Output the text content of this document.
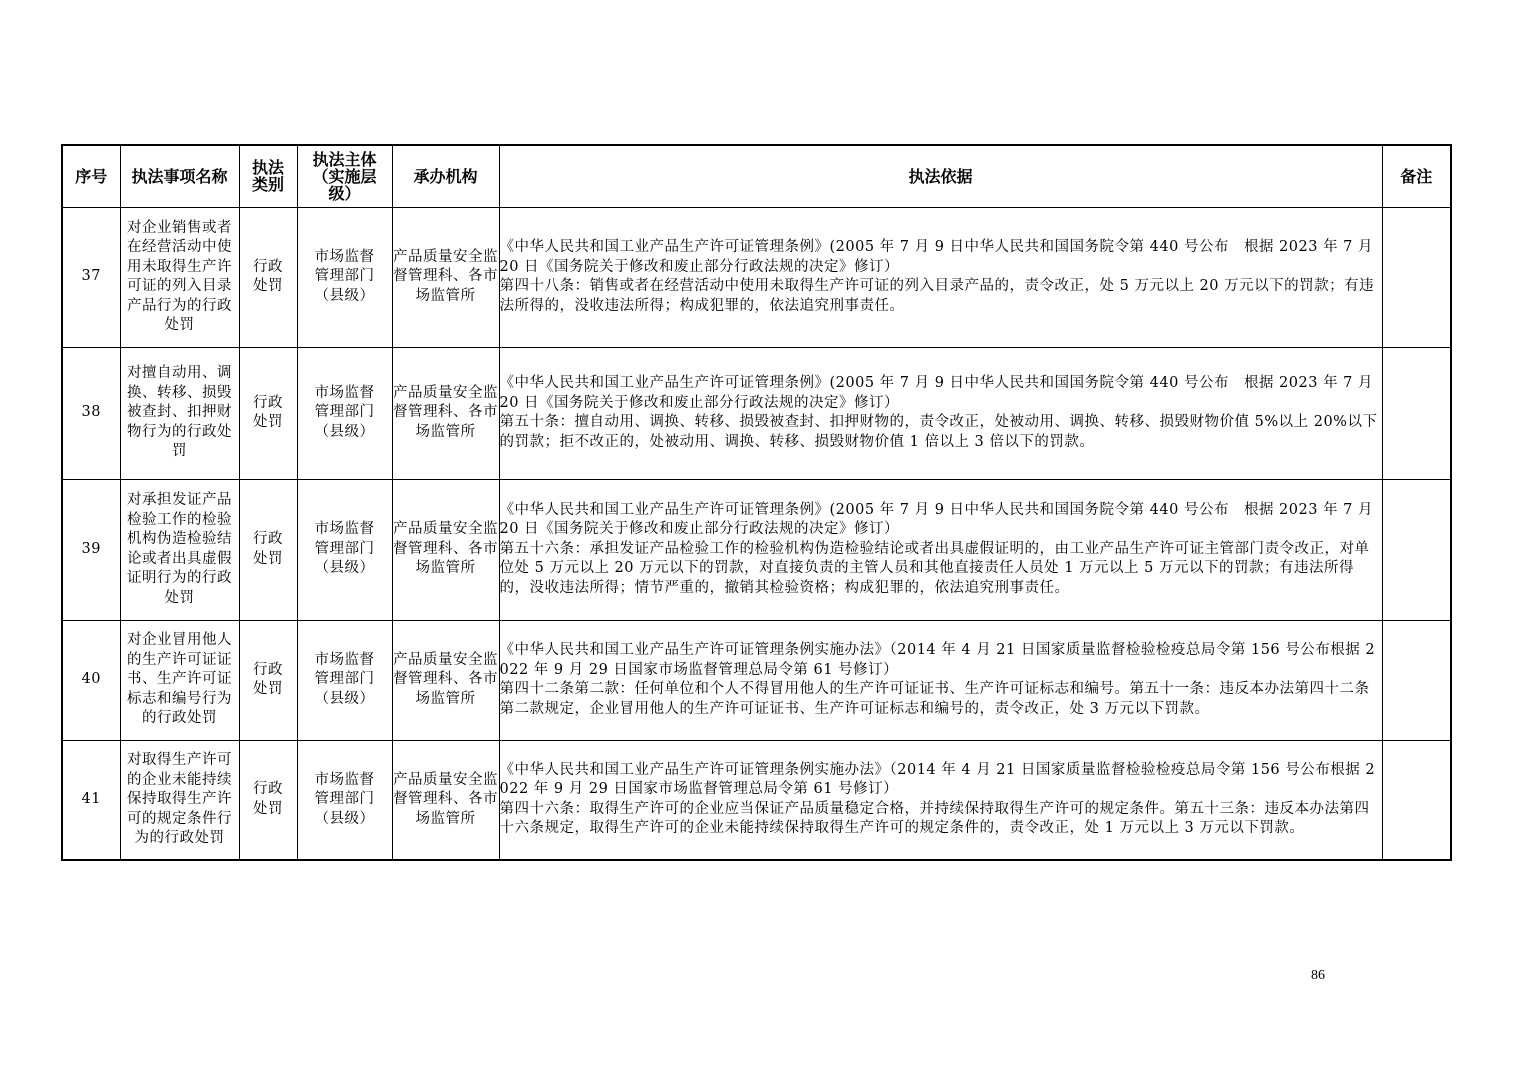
序号	执法事项名称	执法类别	执法主体（实施层级）	承办机构	执法依据	备注
37	对企业销售或者在经营活动中使用未取得生产许可证的列入目录产品行为的行政处罚	行政处罚	市场监督管理部门（县级）	产品质量安全监督管理科、各市场监管所	《中华人民共和国工业产品生产许可证管理条例》(2005 年 7 月 9 日中华人民共和国国务院令第 440 号公布　根据 2023 年 7 月 20 日《国务院关于修改和废止部分行政法规的决定》修订）
第四十八条：销售或者在经营活动中使用未取得生产许可证的列入目录产品的，责令改正，处 5 万元以上 20 万元以下的罚款；有违法所得的，没收违法所得；构成犯罪的，依法追究刑事责任。	

38	对擅自动用、调换、转移、损毁被查封、扣押财物行为的行政处罚	行政处罚	市场监督管理部门（县级）	产品质量安全监督管理科、各市场监管所	《中华人民共和国工业产品生产许可证管理条例》(2005 年 7 月 9 日中华人民共和国国务院令第 440 号公布　根据 2023 年 7 月 20 日《国务院关于修改和废止部分行政法规的决定》修订）
第五十条：擅自动用、调换、转移、损毁被查封、扣押财物的，责令改正，处被动用、调换、转移、损毁财物价值 5%以上 20%以下的罚款；拒不改正的，处被动用、调换、转移、损毁财物价值 1 倍以上 3 倍以下的罚款。	

39	对承担发证产品检验工作的检验机构伪造检验结论或者出具虚假证明行为的行政处罚	行政处罚	市场监督管理部门（县级）	产品质量安全监督管理科、各市场监管所	《中华人民共和国工业产品生产许可证管理条例》(2005 年 7 月 9 日中华人民共和国国务院令第 440 号公布　根据 2023 年 7 月 20 日《国务院关于修改和废止部分行政法规的决定》修订）
第五十六条：承担发证产品检验工作的检验机构伪造检验结论或者出具虚假证明的，由工业产品生产许可证主管部门责令改正，对单位处 5 万元以上 20 万元以下的罚款，对直接负责的主管人员和其他直接责任人员处 1 万元以上 5 万元以下的罚款；有违法所得的，没收违法所得；情节严重的，撤销其检验资格；构成犯罪的，依法追究刑事责任。	

40	对企业冒用他人的生产许可证证书、生产许可证标志和编号行为的行政处罚	行政处罚	市场监督管理部门（县级）	产品质量安全监督管理科、各市场监管所	《中华人民共和国工业产品生产许可证管理条例实施办法》（2014 年 4 月 21 日国家质量监督检验检疫总局令第 156 号公布根据 2022 年 9 月 29 日国家市场监督管理总局令第 61 号修订）
第四十二条第二款：任何单位和个人不得冒用他人的生产许可证证书、生产许可证标志和编号。第五十一条：违反本办法第四十二条第二款规定，企业冒用他人的生产许可证证书、生产许可证标志和编号的，责令改正，处 3 万元以下罚款。	

41	对取得生产许可的企业未能持续保持取得生产许可的规定条件行为的行政处罚	行政处罚	市场监督管理部门（县级）	产品质量安全监督管理科、各市场监管所	《中华人民共和国工业产品生产许可证管理条例实施办法》（2014 年 4 月 21 日国家质量监督检验检疫总局令第 156 号公布根据 2022 年 9 月 29 日国家市场监督管理总局令第 61 号修订）
第四十六条：取得生产许可的企业应当保证产品质量稳定合格，并持续保持取得生产许可的规定条件。第五十三条：违反本办法第四十六条规定，取得生产许可的企业未能持续保持取得生产许可的规定条件的，责令改正，处 1 万元以上 3 万元以下罚款。	

86
